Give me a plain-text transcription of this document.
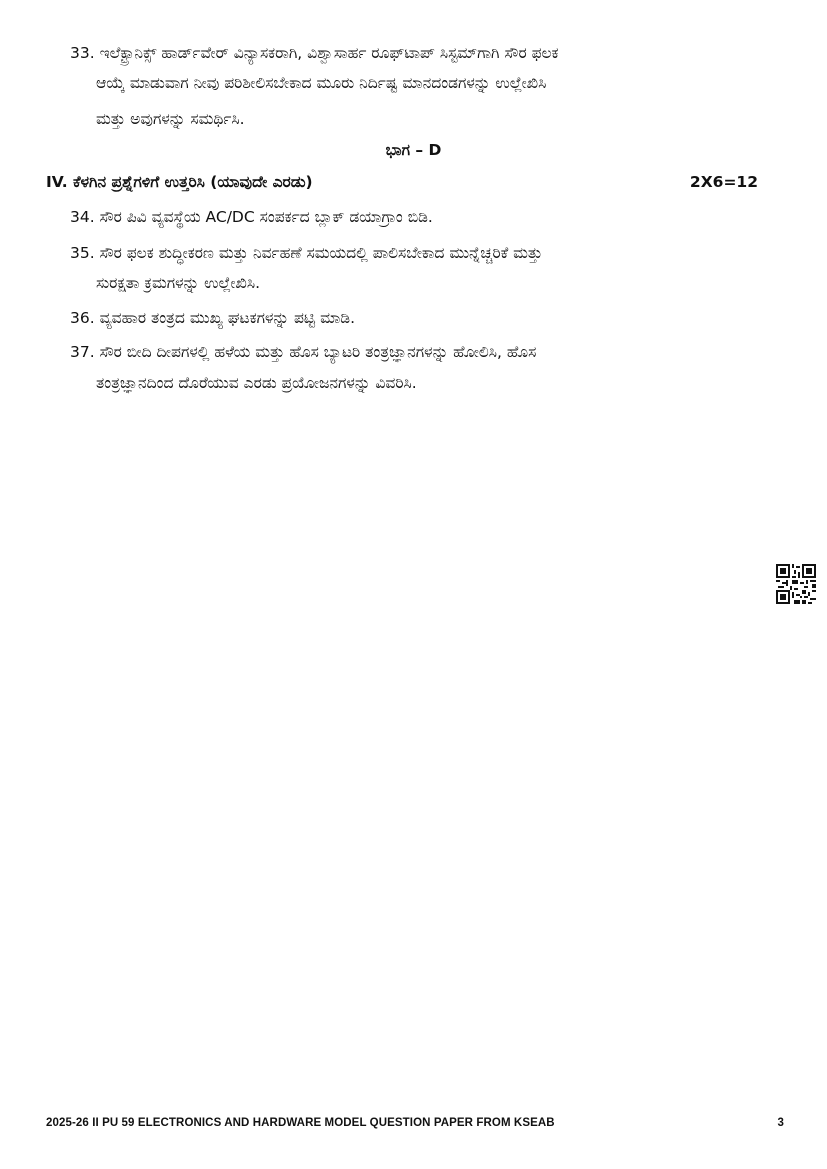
33. ಇಲೆಕ್ಟ್ರಾನಿಕ್ಸ್ ಹಾರ್ಡ್‌ವೇರ್ ವಿನ್ಯಾಸಕರಾಗಿ, ವಿಶ್ವಾಸಾರ್ಹ ರೂಫ್‌ಟಾಪ್ ಸಿಸ್ಟಮ್‌ಗಾಗಿ ಸೌರ ಫಲಕ
ಆಯ್ಕೆ ಮಾಡುವಾಗ ನೀವು ಪರಿಶೀಲಿಸಬೇಕಾದ ಮೂರು ನಿರ್ದಿಷ್ಟ ಮಾನದಂಡಗಳನ್ನು ಉಲ್ಲೇಖಿಸಿ
ಮತ್ತು ಅವುಗಳನ್ನು ಸಮರ್ಥಿಸಿ.
ಭಾಗ – D
IV. ಕೆಳಗಿನ ಪ್ರಶ್ನೆಗಳಿಗೆ ಉತ್ತರಿಸಿ (ಯಾವುದೇ ಎರಡು)	2X6=12
34. ಸೌರ ಪಿವಿ ವ್ಯವಸ್ಥೆಯ AC/DC ಸಂಪರ್ಕದ ಬ್ಲಾಕ್ ಡಯಾಗ್ರಾಂ ಬಿಡಿ.
35. ಸೌರ ಫಲಕ ಶುದ್ಧೀಕರಣ ಮತ್ತು ನಿರ್ವಹಣೆ ಸಮಯದಲ್ಲಿ ಪಾಲಿಸಬೇಕಾದ ಮುನ್ನೆಚ್ಚರಿಕೆ ಮತ್ತು
ಸುರಕ್ಷತಾ ಕ್ರಮಗಳನ್ನು ಉಲ್ಲೇಖಿಸಿ.
36. ವ್ಯವಹಾರ ತಂತ್ರದ ಮುಖ್ಯ ಘಟಕಗಳನ್ನು ಪಟ್ಟಿ ಮಾಡಿ.
37. ಸೌರ ಬೀದಿ ದೀಪಗಳಲ್ಲಿ ಹಳೆಯ ಮತ್ತು ಹೊಸ ಬ್ಯಾಟರಿ ತಂತ್ರಜ್ಞಾನಗಳನ್ನು ಹೋಲಿಸಿ, ಹೊಸ
ತಂತ್ರಜ್ಞಾನದಿಂದ ದೊರೆಯುವ ಎರಡು ಪ್ರಯೋಜನಗಳನ್ನು ವಿವರಿಸಿ.
2025-26 II PU 59 ELECTRONICS AND HARDWARE MODEL QUESTION PAPER FROM KSEAB	3
